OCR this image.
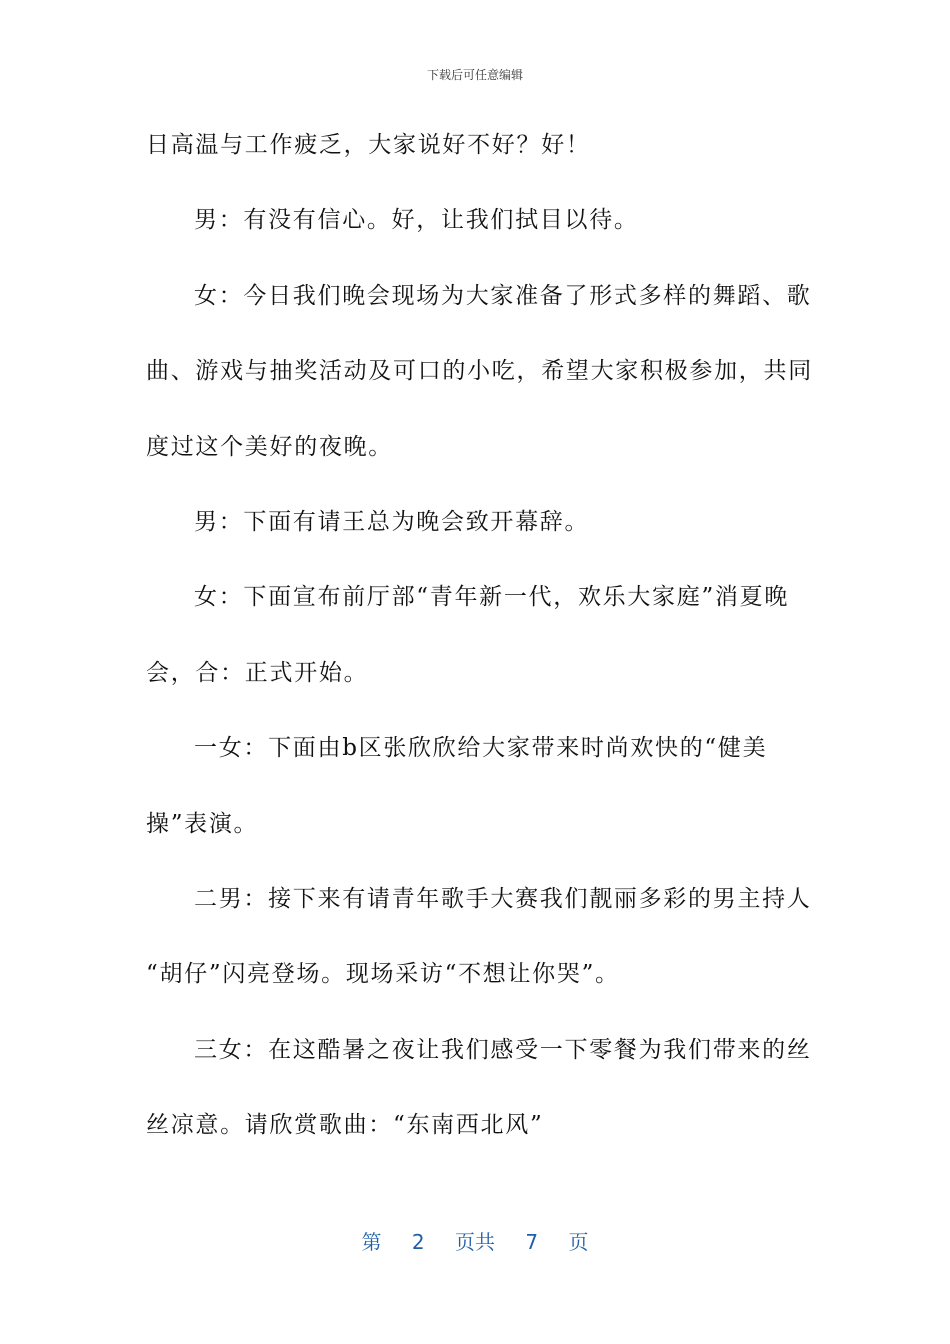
下载后可任意编辑
日高温与工作疲乏，大家说好不好？好！
男：有没有信心。好，让我们拭目以待。
女：今日我们晚会现场为大家准备了形式多样的舞蹈、歌
曲、游戏与抽奖活动及可口的小吃，希望大家积极参加，共同
度过这个美好的夜晚。
男：下面有请王总为晚会致开幕辞。
女：下面宣布前厅部“青年新一代，欢乐大家庭”消夏晚
会，合：正式开始。
一女：下面由b区张欣欣给大家带来时尚欢快的“健美
操”表演。
二男：接下来有请青年歌手大赛我们靓丽多彩的男主持人
“胡仔”闪亮登场。现场采访“不想让你哭”。
三女：在这酷暑之夜让我们感受一下零餐为我们带来的丝
丝凉意。请欣赏歌曲：“东南西北风”
第 2 页共 7 页
